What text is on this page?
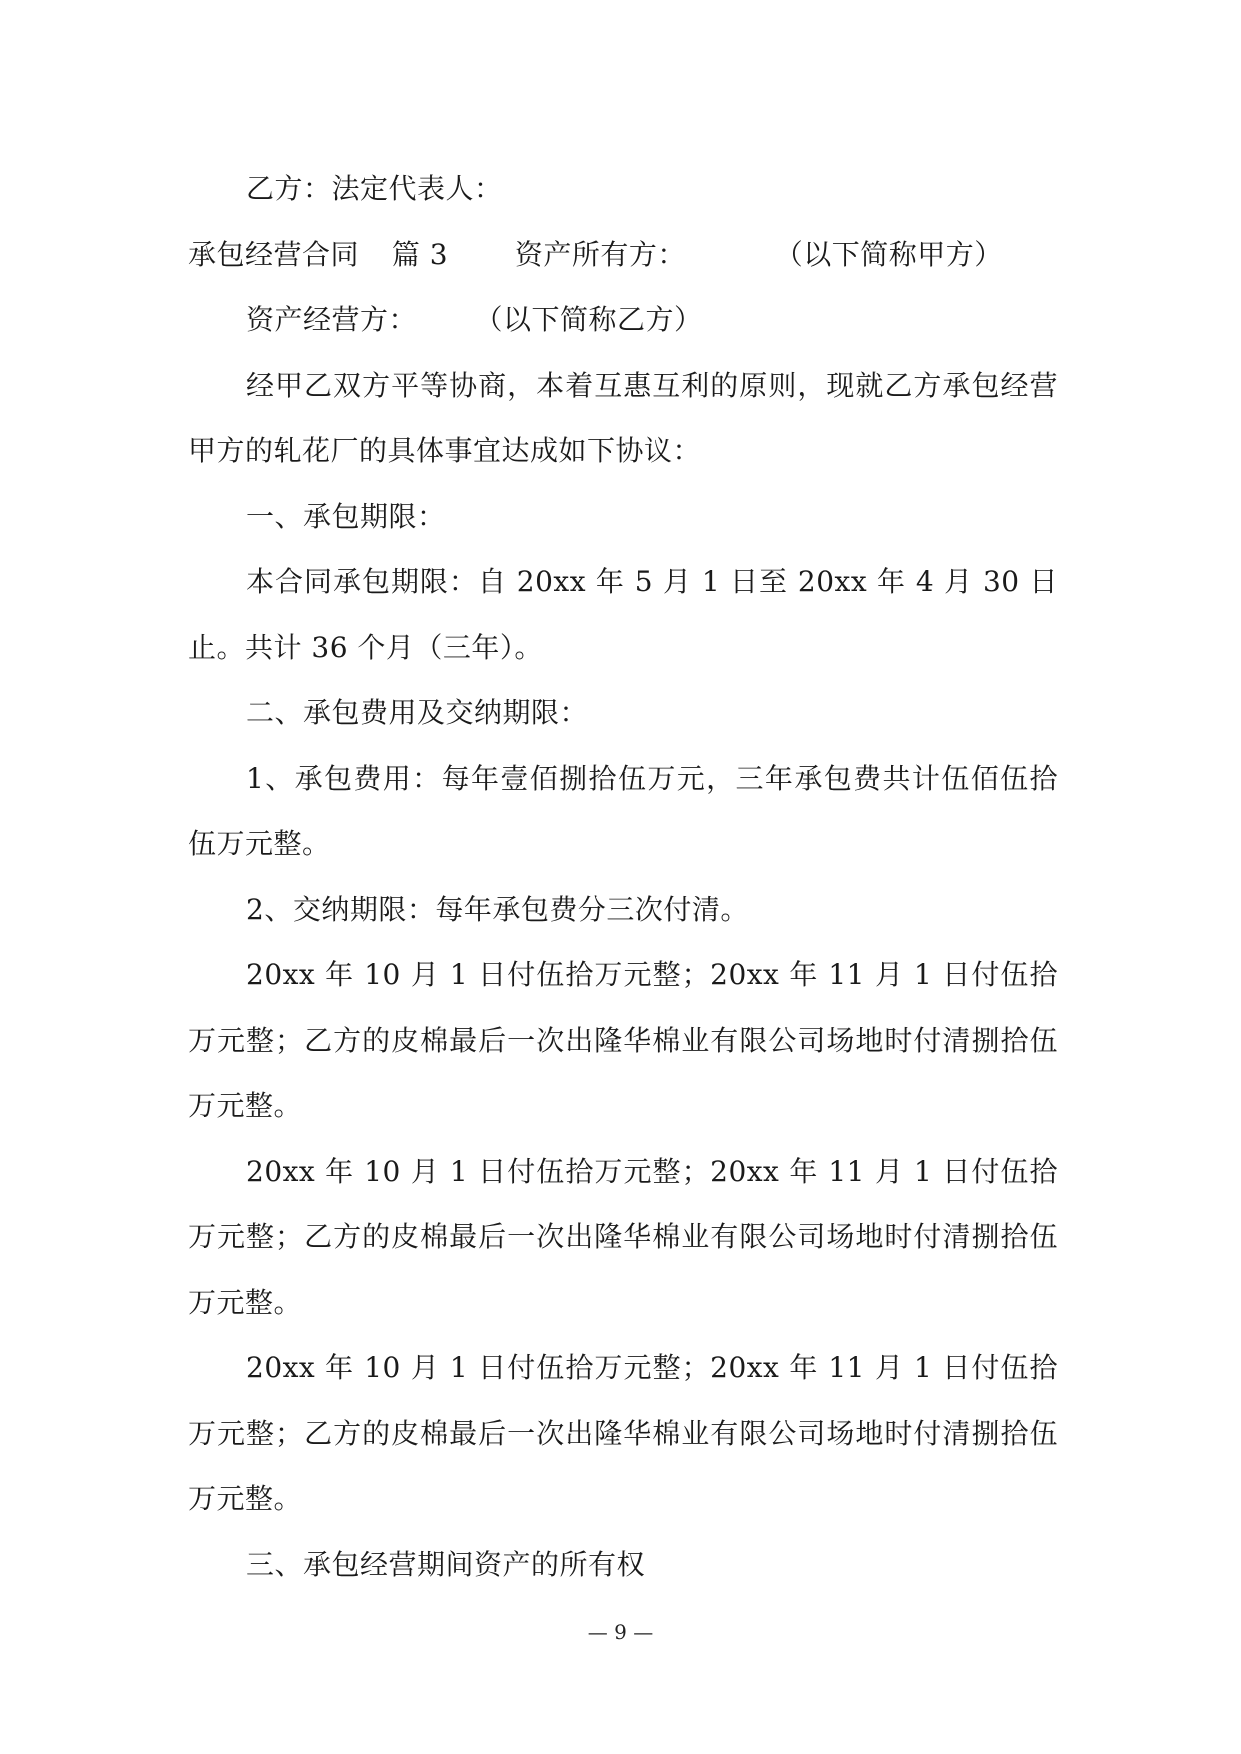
乙方：法定代表人：

承包经营合同 篇 3 资产所有方：	（以下简称甲方）

资产经营方：　　　（以下简称乙方）

经甲乙双方平等协商，本着互惠互利的原则，现就乙方承包经营甲方的轧花厂的具体事宜达成如下协议：

一、承包期限：

本合同承包期限：自 20xx 年 5 月 1 日至 20xx 年 4 月 30 日止。共计 36 个月（三年）。

二、承包费用及交纳期限：

1、承包费用：每年壹佰捌拾伍万元，三年承包费共计伍佰伍拾伍万元整。

2、交纳期限：每年承包费分三次付清。

20xx 年 10 月 1 日付伍拾万元整；20xx 年 11 月 1 日付伍拾万元整；乙方的皮棉最后一次出隆华棉业有限公司场地时付清捌拾伍万元整。

20xx 年 10 月 1 日付伍拾万元整；20xx 年 11 月 1 日付伍拾万元整；乙方的皮棉最后一次出隆华棉业有限公司场地时付清捌拾伍万元整。

20xx 年 10 月 1 日付伍拾万元整；20xx 年 11 月 1 日付伍拾万元整；乙方的皮棉最后一次出隆华棉业有限公司场地时付清捌拾伍万元整。

三、承包经营期间资产的所有权

— 9 —
